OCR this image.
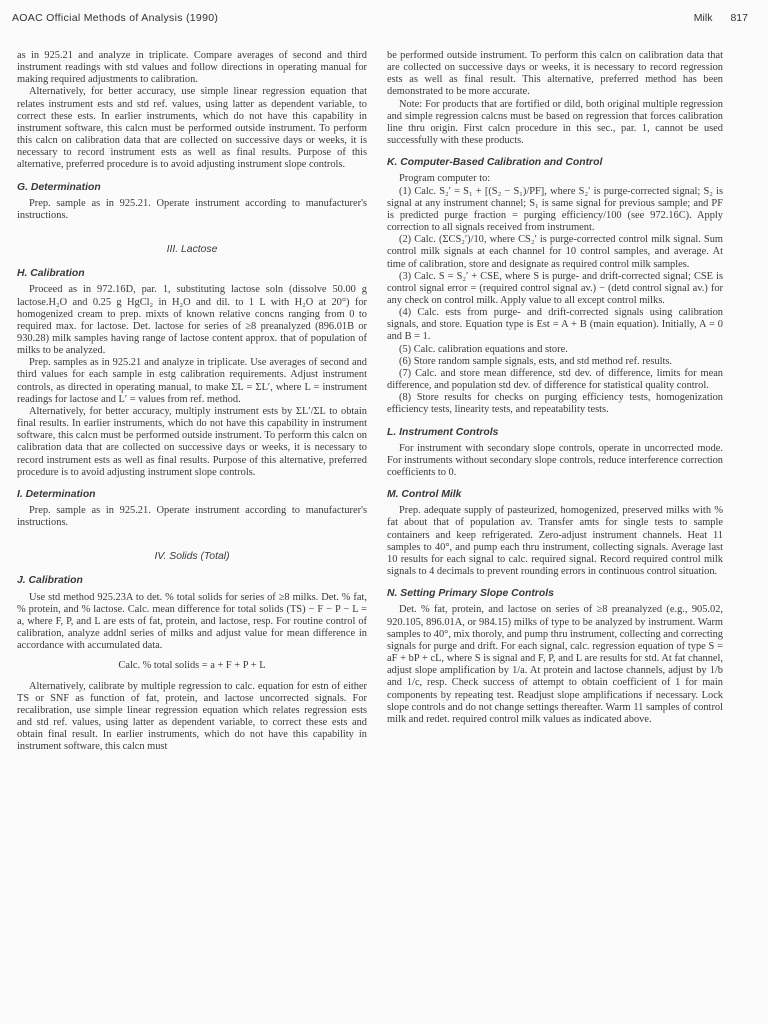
AOAC Official Methods of Analysis (1990)	Milk 817

as in 925.21 and analyze in triplicate. Compare averages of second and third instrument readings with std values and follow directions in operating manual for making required adjustments to calibration.

Alternatively, for better accuracy, use simple linear regression equation that relates instrument ests and std ref. values, using latter as dependent variable, to correct these ests. In earlier instruments, which do not have this capability in instrument software, this calcn must be performed outside instrument. To perform this calcn on calibration data that are collected on successive days or weeks, it is necessary to record instrument ests as well as final results. Purpose of this alternative, preferred procedure is to avoid adjusting instrument slope controls.

G. Determination

Prep. sample as in 925.21. Operate instrument according to manufacturer's instructions.

III. Lactose
H. Calibration

Proceed as in 972.16D, par. 1, substituting lactose soln (dissolve 50.00 g lactose.H₂O and 0.25 g HgCl₂ in H₂O and dil. to 1 L with H₂O at 20°) for homogenized cream to prep. mixts of known relative concns ranging from 0 to required max. for lactose. Det. lactose for series of ≥8 preanalyzed (896.01B or 930.28) milk samples having range of lactose content approx. that of population of milks to be analyzed.

Prep. samples as in 925.21 and analyze in triplicate. Use averages of second and third values for each sample in estg calibration requirements. Adjust instrument controls, as directed in operating manual, to make ΣL = ΣL′, where L = instrument readings for lactose and L′ = values from ref. method.

Alternatively, for better accuracy, multiply instrument ests by ΣL′/ΣL to obtain final results. In earlier instruments, which do not have this capability in instrument software, this calcn must be performed outside instrument. To perform this calcn on calibration data that are collected on successive days or weeks, it is necessary to record instrument ests as well as final results. Purpose of this alternative, preferred procedure is to avoid adjusting instrument slope controls.

I. Determination

Prep. sample as in 925.21. Operate instrument according to manufacturer's instructions.

IV. Solids (Total)
J. Calibration

Use std method 925.23A to det. % total solids for series of ≥8 milks. Det. % fat, % protein, and % lactose. Calc. mean difference for total solids (TS) − F − P − L = a, where F, P, and L are ests of fat, protein, and lactose, resp. For routine control of calibration, analyze addnl series of milks and adjust value for mean difference in accordance with accumulated data.

Calc. % total solids = a + F + P + L

Alternatively, calibrate by multiple regression to calc. equation for estn of either TS or SNF as function of fat, protein, and lactose uncorrected signals. For recalibration, use simple linear regression equation which relates regression ests and std ref. values, using latter as dependent variable, to correct these ests and obtain final result. In earlier instruments, which do not have this capability in instrument software, this calcn must

be performed outside instrument. To perform this calcn on calibration data that are collected on successive days or weeks, it is necessary to record regression ests as well as final result. This alternative, preferred method has been demonstrated to be more accurate.

Note: For products that are fortified or dild, both original multiple regression and simple regression calcns must be based on regression that forces calibration line thru origin. First calcn procedure in this sec., par. 1, cannot be used successfully with these products.

K. Computer-Based Calibration and Control

Program computer to:

(1) Calc. S₂′ = S₁ + [(S₂ − S₁)/PF], where S₂′ is purge-corrected signal; S₂ is signal at any instrument channel; S₁ is same signal for previous sample; and PF is predicted purge fraction = purging efficiency/100 (see 972.16C). Apply correction to all signals received from instrument.

(2) Calc. (ΣCS₂′)/10, where CS₂′ is purge-corrected control milk signal. Sum control milk signals at each channel for 10 control samples, and average. At time of calibration, store and designate as required control milk samples.

(3) Calc. S = S₂′ + CSE, where S is purge- and drift-corrected signal; CSE is control signal error = (required control signal av.) − (detd control signal av.) for any check on control milk. Apply value to all except control milks.

(4) Calc. ests from purge- and drift-corrected signals using calibration signals, and store. Equation type is Est = A + B (main equation). Initially, A = 0 and B = 1.

(5) Calc. calibration equations and store.

(6) Store random sample signals, ests, and std method ref. results.

(7) Calc. and store mean difference, std dev. of difference, limits for mean difference, and population std dev. of difference for statistical quality control.

(8) Store results for checks on purging efficiency tests, homogenization efficiency tests, linearity tests, and repeatability tests.

L. Instrument Controls

For instrument with secondary slope controls, operate in uncorrected mode. For instruments without secondary slope controls, reduce interference correction coefficients to 0.

M. Control Milk

Prep. adequate supply of pasteurized, homogenized, preserved milks with % fat about that of population av. Transfer amts for single tests to sample containers and keep refrigerated. Zero-adjust instrument channels. Heat 11 samples to 40°, and pump each thru instrument, collecting signals. Average last 10 results for each signal to calc. required signal. Record required control milk signals to 4 decimals to prevent rounding errors in continuous control situation.

N. Setting Primary Slope Controls

Det. % fat, protein, and lactose on series of ≥8 preanalyzed (e.g., 905.02, 920.105, 896.01A, or 984.15) milks of type to be analyzed by instrument. Warm samples to 40°, mix thoroly, and pump thru instrument, collecting and correcting signals for purge and drift. For each signal, calc. regression equation of type S = aF + bP + cL, where S is signal and F, P, and L are results for std. At fat channel, adjust slope amplification by 1/a. At protein and lactose channels, adjust by 1/b and 1/c, resp. Check success of attempt to obtain coefficient of 1 for main components by repeating test. Readjust slope amplifications if necessary. Lock slope controls and do not change settings thereafter. Warm 11 samples of control milk and redet. required control milk values as indicated above.
